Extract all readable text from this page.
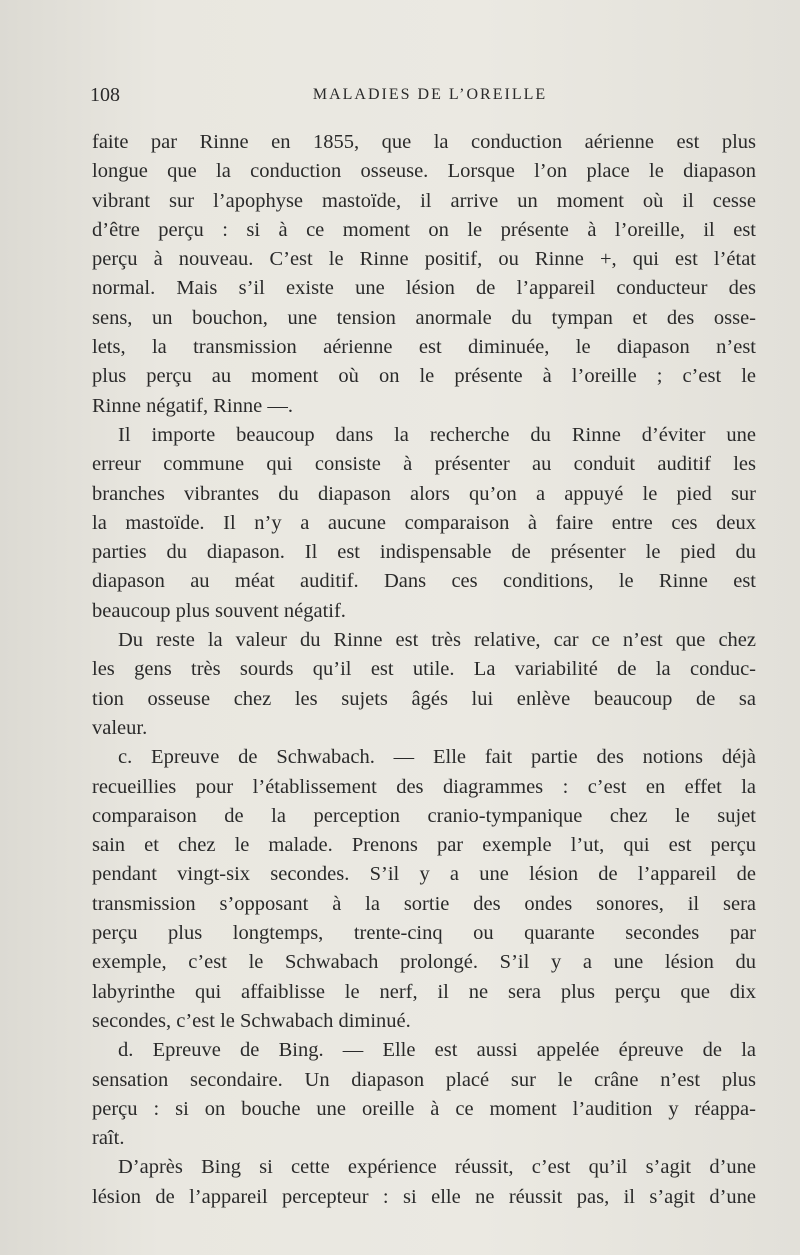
108	MALADIES DE L’OREILLE
faite par Rinne en 1855, que la conduction aérienne est plus
longue que la conduction osseuse. Lorsque l’on place le diapason
vibrant sur l’apophyse mastoïde, il arrive un moment où il cesse
d’être perçu : si à ce moment on le présente à l’oreille, il est
perçu à nouveau. C’est le Rinne positif, ou Rinne +, qui est l’état
normal. Mais s’il existe une lésion de l’appareil conducteur des
sens, un bouchon, une tension anormale du tympan et des osse-
lets, la transmission aérienne est diminuée, le diapason n’est
plus perçu au moment où on le présente à l’oreille ; c’est le
Rinne négatif, Rinne —.
Il importe beaucoup dans la recherche du Rinne d’éviter une
erreur commune qui consiste à présenter au conduit auditif les
branches vibrantes du diapason alors qu’on a appuyé le pied sur
la mastoïde. Il n’y a aucune comparaison à faire entre ces deux
parties du diapason. Il est indispensable de présenter le pied du
diapason au méat auditif. Dans ces conditions, le Rinne est
beaucoup plus souvent négatif.
Du reste la valeur du Rinne est très relative, car ce n’est que chez
les gens très sourds qu’il est utile. La variabilité de la conduc-
tion osseuse chez les sujets âgés lui enlève beaucoup de sa
valeur.
c. Epreuve de Schwabach. — Elle fait partie des notions déjà
recueillies pour l’établissement des diagrammes : c’est en effet la
comparaison de la perception cranio-tympanique chez le sujet
sain et chez le malade. Prenons par exemple l’ut, qui est perçu
pendant vingt-six secondes. S’il y a une lésion de l’appareil de
transmission s’opposant à la sortie des ondes sonores, il sera
perçu plus longtemps, trente-cinq ou quarante secondes par
exemple, c’est le Schwabach prolongé. S’il y a une lésion du
labyrinthe qui affaiblisse le nerf, il ne sera plus perçu que dix
secondes, c’est le Schwabach diminué.
d. Epreuve de Bing. — Elle est aussi appelée épreuve de la
sensation secondaire. Un diapason placé sur le crâne n’est plus
perçu : si on bouche une oreille à ce moment l’audition y réappa-
raît.
D’après Bing si cette expérience réussit, c’est qu’il s’agit d’une
lésion de l’appareil percepteur : si elle ne réussit pas, il s’agit d’une
